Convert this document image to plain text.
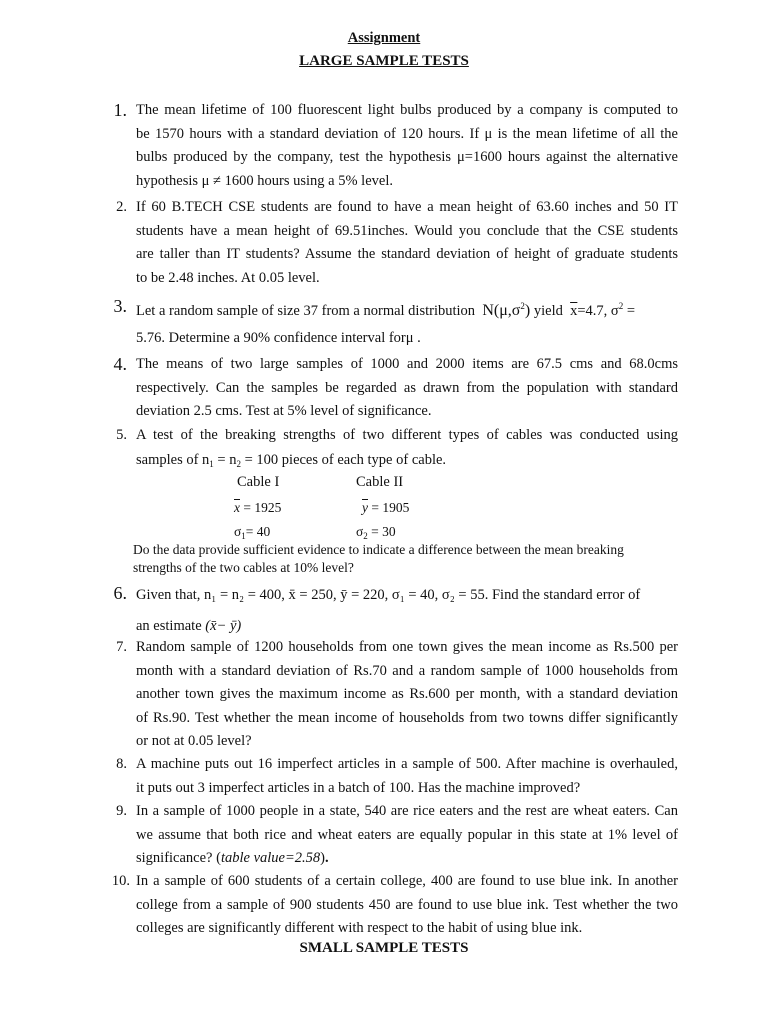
Assignment
LARGE SAMPLE TESTS
1. The mean lifetime of 100 fluorescent light bulbs produced by a company is computed to
be 1570 hours with a standard deviation of 120 hours. If μ is the mean lifetime of all the
bulbs produced by the company, test the hypothesis μ=1600 hours against the alternative
hypothesis μ ≠ 1600 hours using a 5% level.
2. If 60 B.TECH CSE students are found to have a mean height of 63.60 inches and 50 IT
students have a mean height of 69.51inches. Would you conclude that the CSE students
are taller than IT students? Assume the standard deviation of height of graduate students
to be 2.48 inches. At 0.05 level.
3. Let a random sample of size 37 from a normal distribution $N(\mu,\sigma^2)$ yield $\overline{x}=4.7$, $\sigma^2$ =
5.76. Determine a 90% confidence interval forμ .
4. The means of two large samples of 1000 and 2000 items are 67.5 cms and 68.0cms
respectively. Can the samples be regarded as drawn from the population with standard
deviation 2.5 cms. Test at 5% level of significance.
5. A test of the breaking strengths of two different types of cables was conducted using
samples of $n_1 = n_2 = 100$ pieces of each type of cable.
Cable I	Cable II
$\overline{x} = 1925$	$\overline{y} = 1905$
$\sigma_1= 40$	$\sigma_2 = 30$
Do the data provide sufficient evidence to indicate a difference between the mean breaking
strengths of the two cables at 10% level?
6. Given that, n₁ = n₂ = 400, x̄ = 250, ȳ = 220, σ₁ = 40, σ₂ = 55. Find the standard error of
an estimate (x̄− ȳ)
7. Random sample of 1200 households from one town gives the mean income as Rs.500 per
month with a standard deviation of Rs.70 and a random sample of 1000 households from
another town gives the maximum income as Rs.600 per month, with a standard deviation
of Rs.90. Test whether the mean income of households from two towns differ significantly
or not at 0.05 level?
8. A machine puts out 16 imperfect articles in a sample of 500. After machine is overhauled,
it puts out 3 imperfect articles in a batch of 100. Has the machine improved?
9. In a sample of 1000 people in a state, 540 are rice eaters and the rest are wheat eaters. Can
we assume that both rice and wheat eaters are equally popular in this state at 1% level of
significance? (table value=2.58).
10. In a sample of 600 students of a certain college, 400 are found to use blue ink. In another
college from a sample of 900 students 450 are found to use blue ink. Test whether the two
colleges are significantly different with respect to the habit of using blue ink.
SMALL SAMPLE TESTS
